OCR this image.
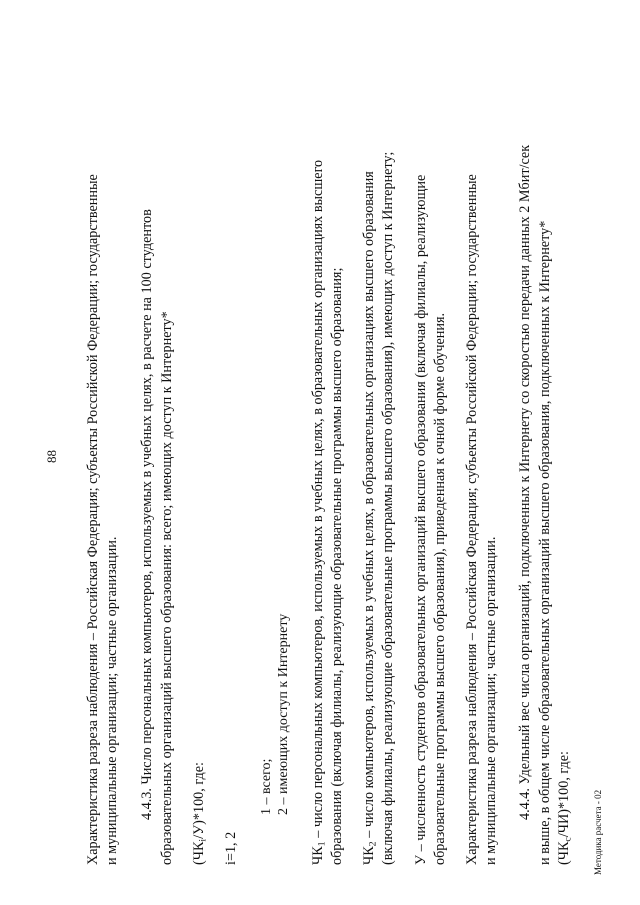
Характеристика разреза наблюдения – Российская Федерация; субъекты Российской Федерации; государственные и муниципальные организации; частные организации.
88	4.4.3. Число персональных компьютеров, используемых в учебных целях, в расчете на 100 студентов образовательных организаций высшего образования: всего; имеющих доступ к Интернету* $(ЧК_i/У)*100$, где:
i=1, 2
1 – всего; 2 – имеющих доступ к Интернету
$ЧК_1$ – число персональных компьютеров, используемых в учебных целях, в образовательных организациях высшего образования (включая филиалы, реализующие образовательные программы высшего образования; $ЧК_2$ – число компьютеров, используемых в учебных целях, в образовательных организациях высшего образования (включая филиалы, реализующие образовательные программы высшего образования), имеющих доступ к Интернету; У – численность студентов образовательных организаций высшего образования (включая филиалы, реализующие образовательные программы высшего образования), приведенная к очной форме обучения. Характеристика разреза наблюдения – Российская Федерация; субъекты Российской Федерации; государственные и муниципальные организации; частные организации. 4.4.4. Удельный вес числа организаций, подключенных к Интернету со скоростью передачи данных 2 Мбит/сек и выше, в общем числе образовательных организаций высшего образования, подключенных к Интернету* $(ЧК_с/ЧИ)*100$, где: Методика расчета - 02
